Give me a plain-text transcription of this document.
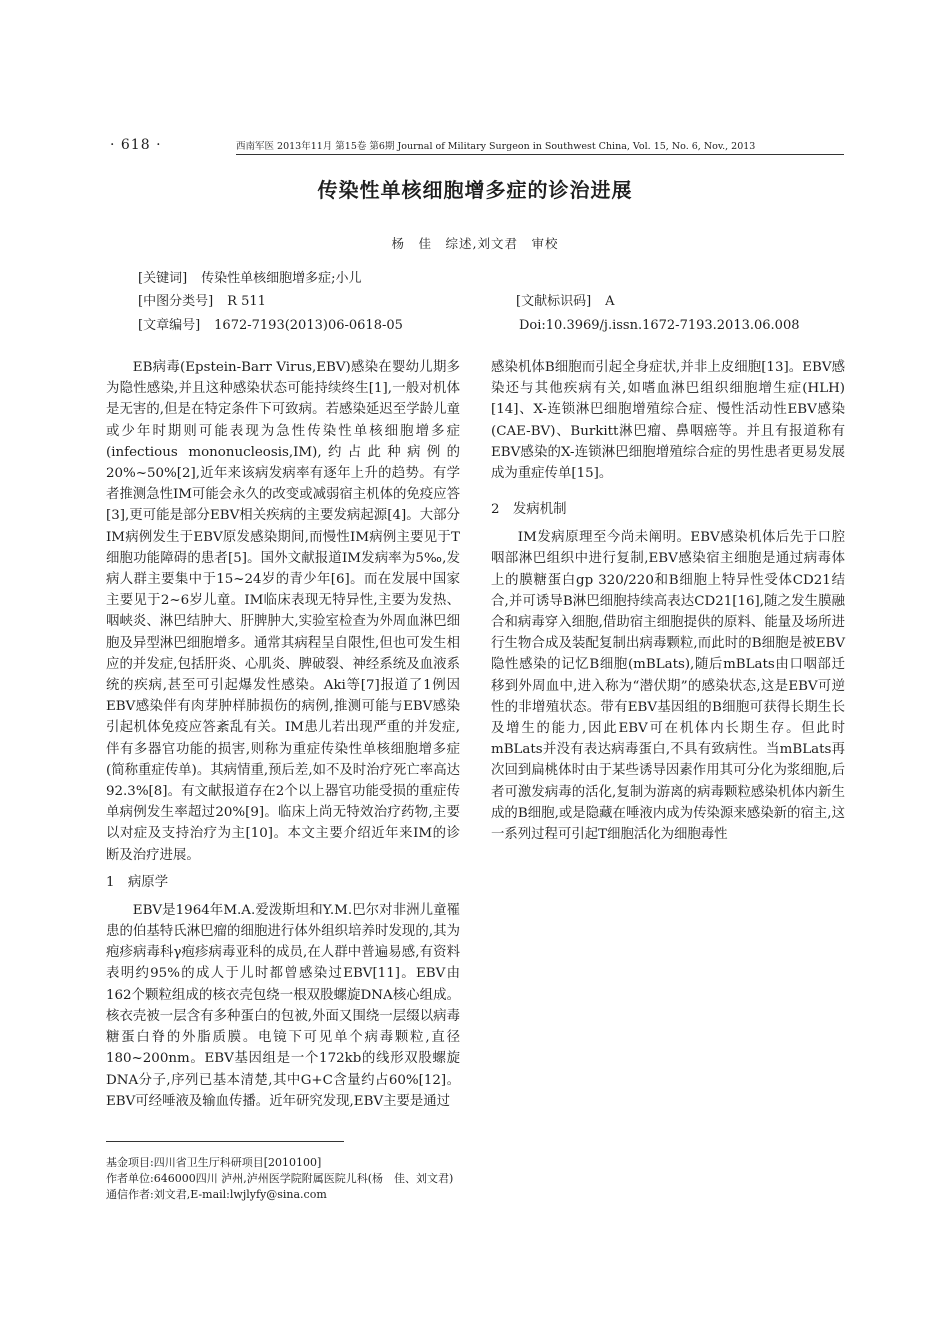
· 618 ·	西南军医 2013年11月 第15卷 第6期 Journal of Military Surgeon in Southwest China, Vol. 15, No. 6, Nov., 2013
传染性单核细胞增多症的诊治进展
杨　佳　综述,刘文君　审校
[关键词] 传染性单核细胞增多症;小儿
[中图分类号] R 511	[文献标识码] A
[文章编号] 1672-7193(2013)06-0618-05	Doi:10.3969/j.issn.1672-7193.2013.06.008

EB病毒(Epstein-Barr Virus,EBV)感染在婴幼儿期多为隐性感染,并且这种感染状态可能持续终生[1],一般对机体是无害的,但是在特定条件下可致病。若感染延迟至学龄儿童或少年时期则可能表现为急性传染性单核细胞增多症(infectious mononucleosis,IM),约占此种病例的20%~50%[2],近年来该病发病率有逐年上升的趋势。有学者推测急性IM可能会永久的改变或减弱宿主机体的免疫应答[3],更可能是部分EBV相关疾病的主要发病起源[4]。大部分IM病例发生于EBV原发感染期间,而慢性IM病例主要见于T细胞功能障碍的患者[5]。国外文献报道IM发病率为5‰,发病人群主要集中于15~24岁的青少年[6]。而在发展中国家主要见于2~6岁儿童。IM临床表现无特异性,主要为发热、咽峡炎、淋巴结肿大、肝脾肿大,实验室检查为外周血淋巴细胞及异型淋巴细胞增多。通常其病程呈自限性,但也可发生相应的并发症,包括肝炎、心肌炎、脾破裂、神经系统及血液系统的疾病,甚至可引起爆发性感染。Aki等[7]报道了1例因EBV感染伴有肉芽肿样肺损伤的病例,推测可能与EBV感染引起机体免疫应答紊乱有关。IM患儿若出现严重的并发症,伴有多器官功能的损害,则称为重症传染性单核细胞增多症(简称重症传单)。其病情重,预后差,如不及时治疗死亡率高达92.3%[8]。有文献报道存在2个以上器官功能受损的重症传单病例发生率超过20%[9]。临床上尚无特效治疗药物,主要以对症及支持治疗为主[10]。本文主要介绍近年来IM的诊断及治疗进展。

1　病原学

EBV是1964年M.A.爱泼斯坦和Y.M.巴尔对非洲儿童罹患的伯基特氏淋巴瘤的细胞进行体外组织培养时发现的,其为疱疹病毒科γ疱疹病毒亚科的成员,在人群中普遍易感,有资料表明约95%的成人于儿时都曾感染过EBV[11]。EBV由162个颗粒组成的核衣壳包绕一根双股螺旋DNA核心组成。核衣壳被一层含有多种蛋白的包被,外面又围绕一层缀以病毒糖蛋白脊的外脂质膜。电镜下可见单个病毒颗粒,直径180~200nm。EBV基因组是一个172kb的线形双股螺旋DNA分子,序列已基本清楚,其中G+C含量约占60%[12]。EBV可经唾液及输血传播。近年研究发现,EBV主要是通过

感染机体B细胞而引起全身症状,并非上皮细胞[13]。EBV感染还与其他疾病有关,如嗜血淋巴组织细胞增生症(HLH)[14]、X-连锁淋巴细胞增殖综合症、慢性活动性EBV感染(CAE-BV)、Burkitt淋巴瘤、鼻咽癌等。并且有报道称有EBV感染的X-连锁淋巴细胞增殖综合症的男性患者更易发展成为重症传单[15]。

2　发病机制

IM发病原理至今尚未阐明。EBV感染机体后先于口腔咽部淋巴组织中进行复制,EBV感染宿主细胞是通过病毒体上的膜糖蛋白gp 320/220和B细胞上特异性受体CD21结合,并可诱导B淋巴细胞持续高表达CD21[16],随之发生膜融合和病毒穿入细胞,借助宿主细胞提供的原料、能量及场所进行生物合成及装配复制出病毒颗粒,而此时的B细胞是被EBV隐性感染的记忆B细胞(mBLats),随后mBLats由口咽部迁移到外周血中,进入称为“潜伏期”的感染状态,这是EBV可逆性的非增殖状态。带有EBV基因组的B细胞可获得长期生长及增生的能力,因此EBV可在机体内长期生存。但此时mBLats并没有表达病毒蛋白,不具有致病性。当mBLats再次回到扁桃体时由于某些诱导因素作用其可分化为浆细胞,后者可激发病毒的活化,复制为游离的病毒颗粒感染机体内新生成的B细胞,或是隐藏在唾液内成为传染源来感染新的宿主,这一系列过程可引起T细胞活化为细胞毒性

基金项目:四川省卫生厅科研项目[2010100]

作者单位:646000四川 泸州,泸州医学院附属医院儿科(杨　佳、刘文君)

通信作者:刘文君,E-mail:lwjlyfy@sina.com
